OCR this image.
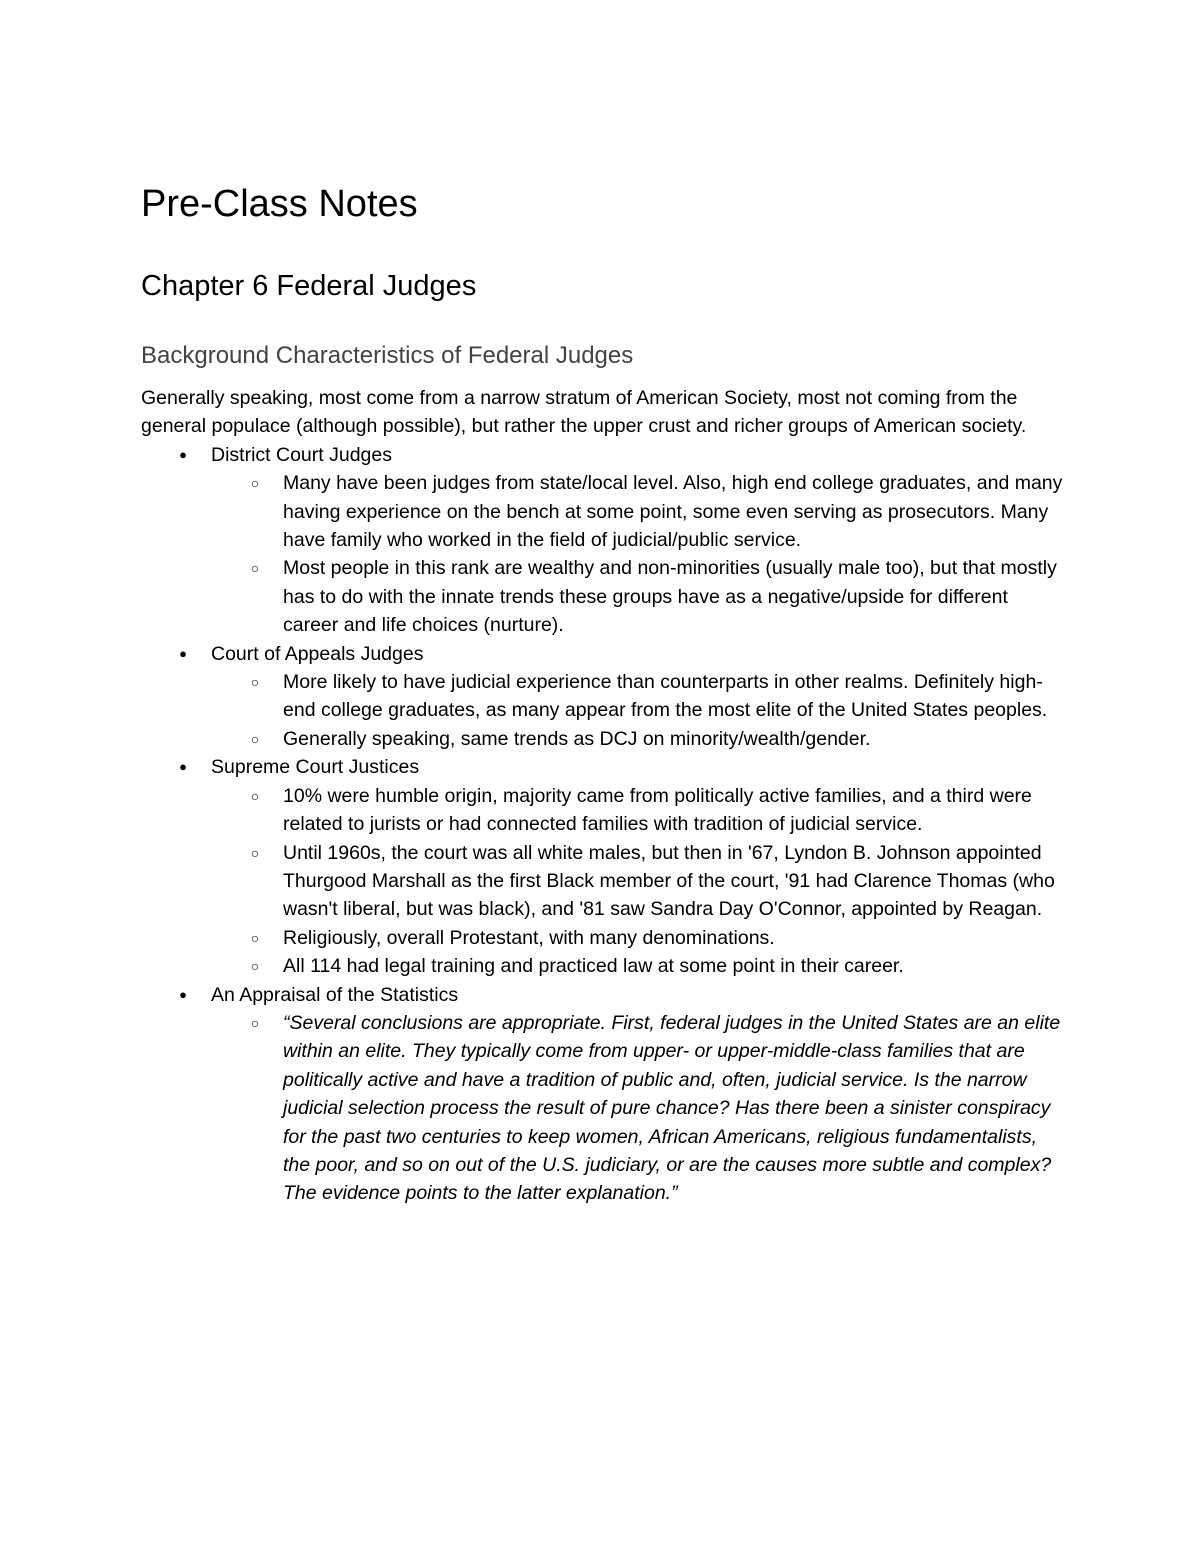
Pre-Class Notes
Chapter 6 Federal Judges
Background Characteristics of Federal Judges

Generally speaking, most come from a narrow stratum of American Society, most not coming from the general populace (although possible), but rather the upper crust and richer groups of American society.

● District Court Judges
○ Many have been judges from state/local level. Also, high end college graduates, and many having experience on the bench at some point, some even serving as prosecutors. Many have family who worked in the field of judicial/public service.
○ Most people in this rank are wealthy and non-minorities (usually male too), but that mostly has to do with the innate trends these groups have as a negative/upside for different career and life choices (nurture).
● Court of Appeals Judges
○ More likely to have judicial experience than counterparts in other realms. Definitely high-end college graduates, as many appear from the most elite of the United States peoples.
○ Generally speaking, same trends as DCJ on minority/wealth/gender.
● Supreme Court Justices
○ 10% were humble origin, majority came from politically active families, and a third were related to jurists or had connected families with tradition of judicial service.
○ Until 1960s, the court was all white males, but then in '67, Lyndon B. Johnson appointed Thurgood Marshall as the first Black member of the court, '91 had Clarence Thomas (who wasn't liberal, but was black), and '81 saw Sandra Day O'Connor, appointed by Reagan.
○ Religiously, overall Protestant, with many denominations.
○ All 114 had legal training and practiced law at some point in their career.
● An Appraisal of the Statistics
○ “Several conclusions are appropriate. First, federal judges in the United States are an elite within an elite. They typically come from upper- or upper-middle-class families that are politically active and have a tradition of public and, often, judicial service. Is the narrow judicial selection process the result of pure chance? Has there been a sinister conspiracy for the past two centuries to keep women, African Americans, religious fundamentalists, the poor, and so on out of the U.S. judiciary, or are the causes more subtle and complex? The evidence points to the latter explanation.”
